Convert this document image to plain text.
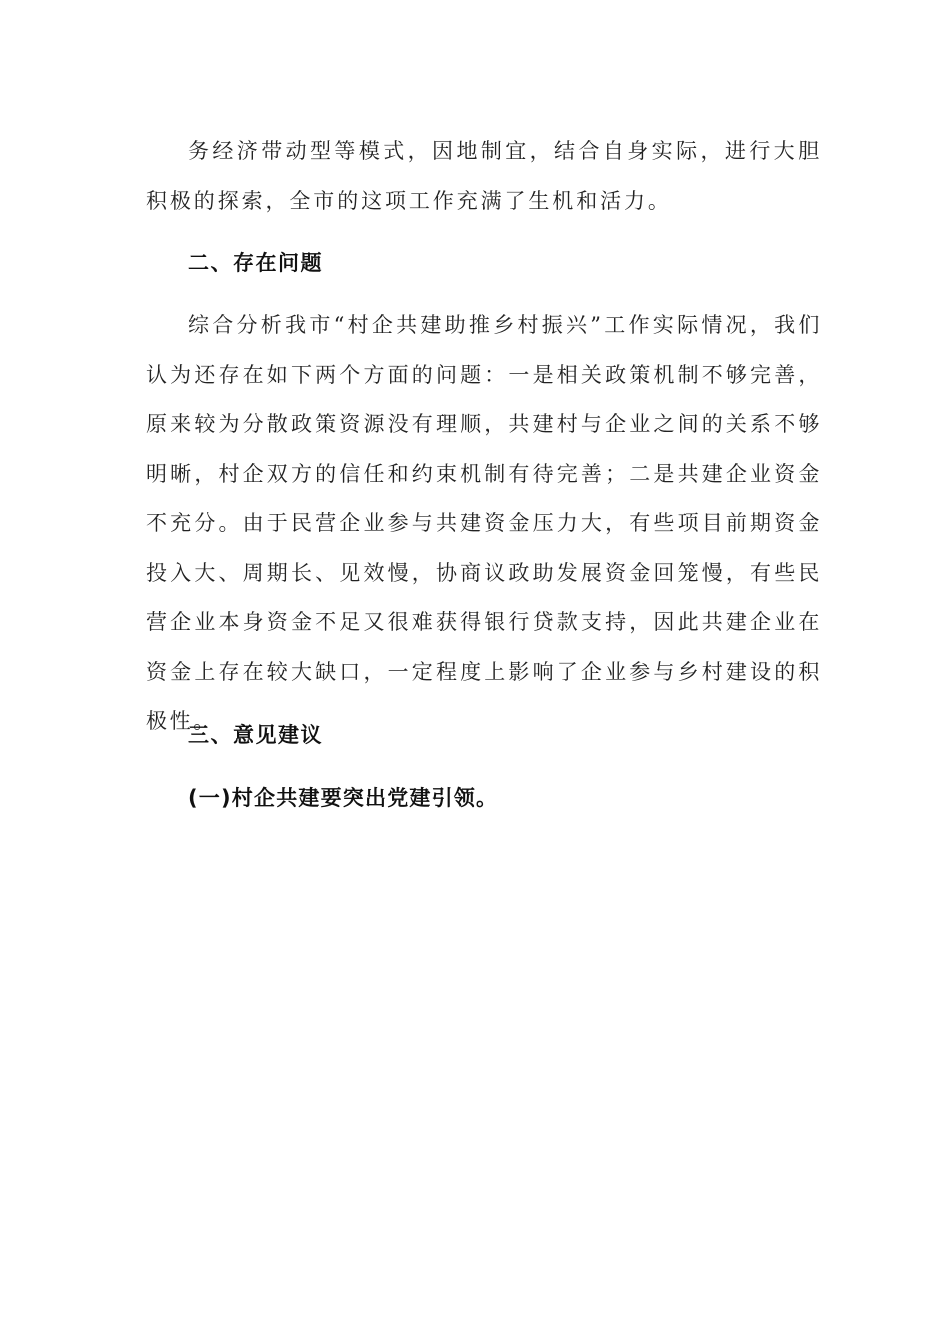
务经济带动型等模式，因地制宜，结合自身实际，进行大胆积极的探索，全市的这项工作充满了生机和活力。

二、存在问题

综合分析我市“村企共建助推乡村振兴”工作实际情况，我们认为还存在如下两个方面的问题：一是相关政策机制不够完善，原来较为分散政策资源没有理顺，共建村与企业之间的关系不够明晰，村企双方的信任和约束机制有待完善；二是共建企业资金不充分。由于民营企业参与共建资金压力大，有些项目前期资金投入大、周期长、见效慢，协商议政助发展资金回笼慢，有些民营企业本身资金不足又很难获得银行贷款支持，因此共建企业在资金上存在较大缺口，一定程度上影响了企业参与乡村建设的积极性。

三、意见建议
(一)村企共建要突出党建引领。
